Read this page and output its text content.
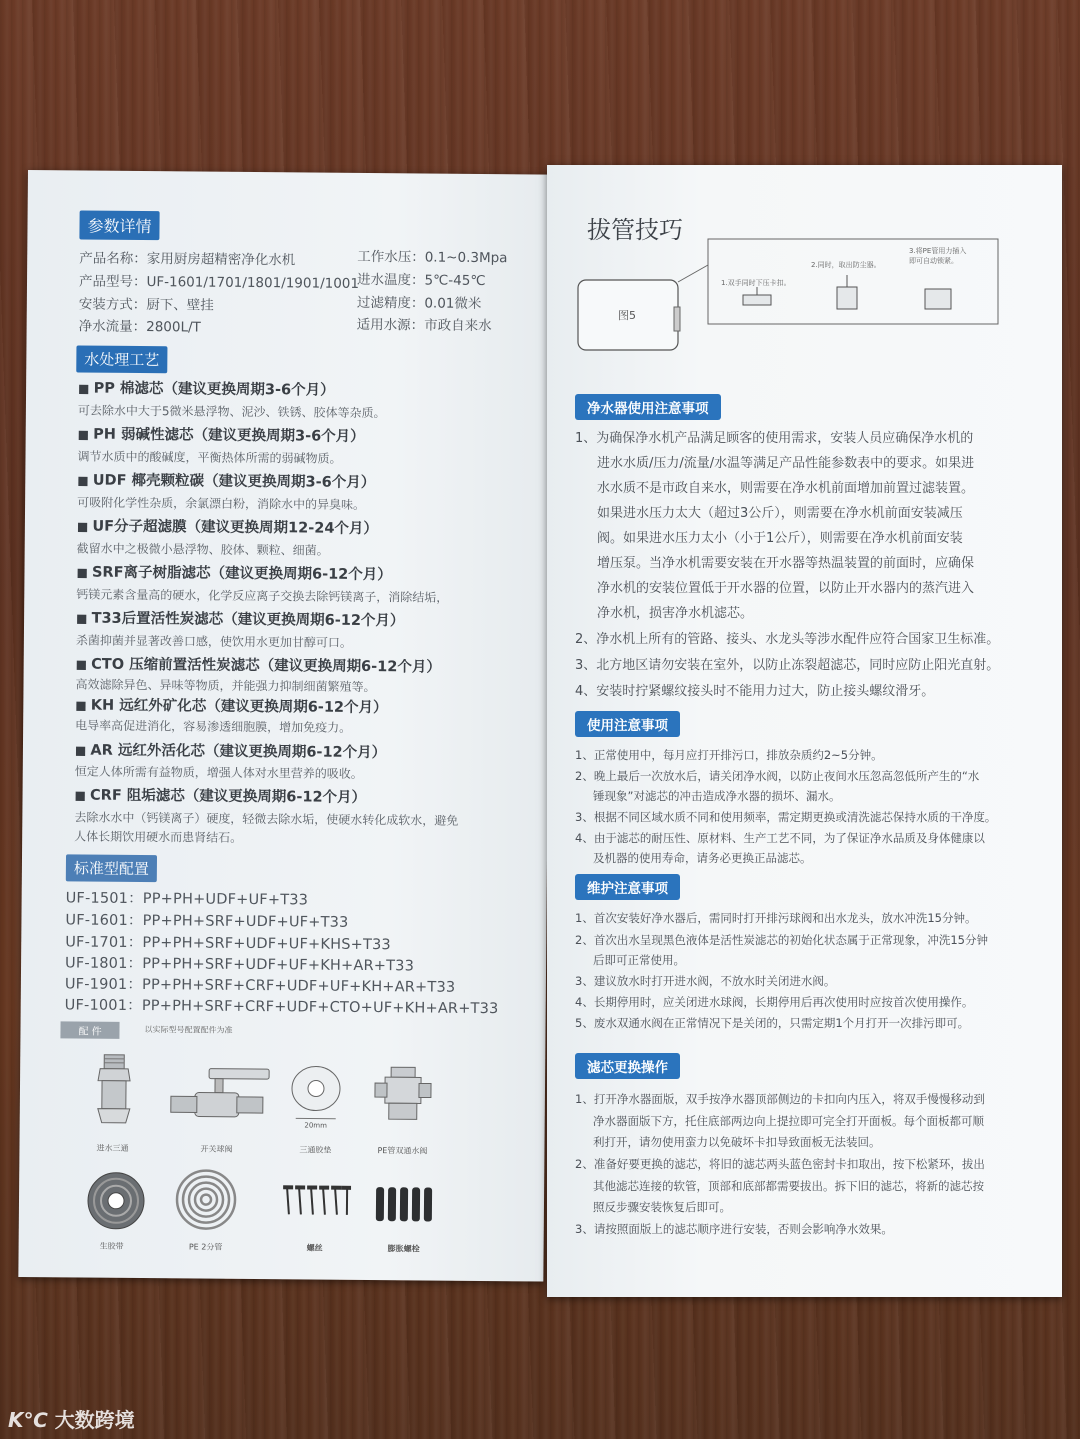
参数详情
产品名称：家用厨房超精密净化水机
产品型号：UF-1601/1701/1801/1901/1001
安装方式：厨下、壁挂
净水流量：2800L/T
工作水压：0.1~0.3Mpa
进水温度：5℃-45℃
过滤精度：0.01微米
适用水源：市政自来水
水处理工艺
■ PP 棉滤芯（建议更换周期3-6个月）
可去除水中大于5微米悬浮物、泥沙、铁锈、胶体等杂质。
■ PH 弱碱性滤芯（建议更换周期3-6个月）
调节水质中的酸碱度，平衡热体所需的弱碱物质。
■ UDF 椰壳颗粒碳（建议更换周期3-6个月）
可吸附化学性杂质，余氯漂白粉，消除水中的异臭味。
■ UF分子超滤膜（建议更换周期12-24个月）
截留水中之极微小悬浮物、胶体、颗粒、细菌。
■ SRF离子树脂滤芯（建议更换周期6-12个月）
钙镁元素含量高的硬水，化学反应离子交换去除钙镁离子，消除结垢，
■ T33后置活性炭滤芯（建议更换周期6-12个月）
杀菌抑菌并显著改善口感，使饮用水更加甘醇可口。
■ CTO 压缩前置活性炭滤芯（建议更换周期6-12个月）
高效滤除异色、异味等物质，并能强力抑制细菌繁殖等。
■ KH 远红外矿化芯（建议更换周期6-12个月）
电导率高促进消化，容易渗透细胞膜，增加免疫力。
■ AR 远红外活化芯（建议更换周期6-12个月）
恒定人体所需有益物质，增强人体对水里营养的吸收。
■ CRF 阻垢滤芯（建议更换周期6-12个月）
去除水水中（钙镁离子）硬度，轻微去除水垢，使硬水转化成软水，避免
人体长期饮用硬水而患肾结石。
标准型配置
UF-1501：PP+PH+UDF+UF+T33
UF-1601：PP+PH+SRF+UDF+UF+T33
UF-1701：PP+PH+SRF+UDF+UF+KHS+T33
UF-1801：PP+PH+SRF+UDF+UF+KH+AR+T33
UF-1901：PP+PH+SRF+CRF+UDF+UF+KH+AR+T33
UF-1001：PP+PH+SRF+CRF+UDF+CTO+UF+KH+AR+T33
配 件	以实际型号配置配件为准
进水三通	开关球阀
20mm
三通胶垫	PE管双通水阀
生胶带	PE 2分管	螺丝	膨胀螺栓
拔管技巧
图5
1.双手同时下压卡扣。
2.同时，取出防尘器。
3.将PE管用力插入
即可自动锁紧。
净水器使用注意事项
1、为确保净水机产品满足顾客的使用需求，安装人员应确保净水机的
进水水质/压力/流量/水温等满足产品性能参数表中的要求。如果进
水水质不是市政自来水，则需要在净水机前面增加前置过滤装置。
如果进水压力太大（超过3公斤），则需要在净水机前面安装减压
阀。如果进水压力太小（小于1公斤），则需要在净水机前面安装
增压泵。当净水机需要安装在开水器等热温装置的前面时，应确保
净水机的安装位置低于开水器的位置，以防止开水器内的蒸汽进入
净水机，损害净水机滤芯。
2、净水机上所有的管路、接头、水龙头等涉水配件应符合国家卫生标准。
3、北方地区请勿安装在室外，以防止冻裂超滤芯，同时应防止阳光直射。
4、安装时拧紧螺纹接头时不能用力过大，防止接头螺纹滑牙。
使用注意事项
1、正常使用中，每月应打开排污口，排放杂质约2~5分钟。
2、晚上最后一次放水后，请关闭净水阀，以防止夜间水压忽高忽低所产生的“水
锤现象”对滤芯的冲击造成净水器的损坏、漏水。
3、根据不同区域水质不同和使用频率，需定期更换或清洗滤芯保持水质的干净度。
4、由于滤芯的耐压性、原材料、生产工艺不同，为了保证净水品质及身体健康以
及机器的使用寿命，请务必更换正品滤芯。
维护注意事项
1、首次安装好净水器后，需同时打开排污球阀和出水龙头，放水冲洗15分钟。
2、首次出水呈现黑色液体是活性炭滤芯的初始化状态属于正常现象，冲洗15分钟
后即可正常使用。
3、建议放水时打开进水阀，不放水时关闭进水阀。
4、长期停用时，应关闭进水球阀，长期停用后再次使用时应按首次使用操作。
5、废水双通水阀在正常情况下是关闭的，只需定期1个月打开一次排污即可。
滤芯更换操作
1、打开净水器面版，双手按净水器顶部侧边的卡扣向内压入，将双手慢慢移动到
净水器面版下方，托住底部两边向上提拉即可完全打开面板。每个面板都可顺
利打开，请勿使用蛮力以免破坏卡扣导致面板无法装回。
2、准备好要更换的滤芯，将旧的滤芯两头蓝色密封卡扣取出，按下松紧环，拔出
其他滤芯连接的软管，顶部和底部都需要拔出。拆下旧的滤芯，将新的滤芯按
照反步骤安装恢复后即可。
3、请按照面版上的滤芯顺序进行安装，否则会影响净水效果。
K℃ 大数跨境
